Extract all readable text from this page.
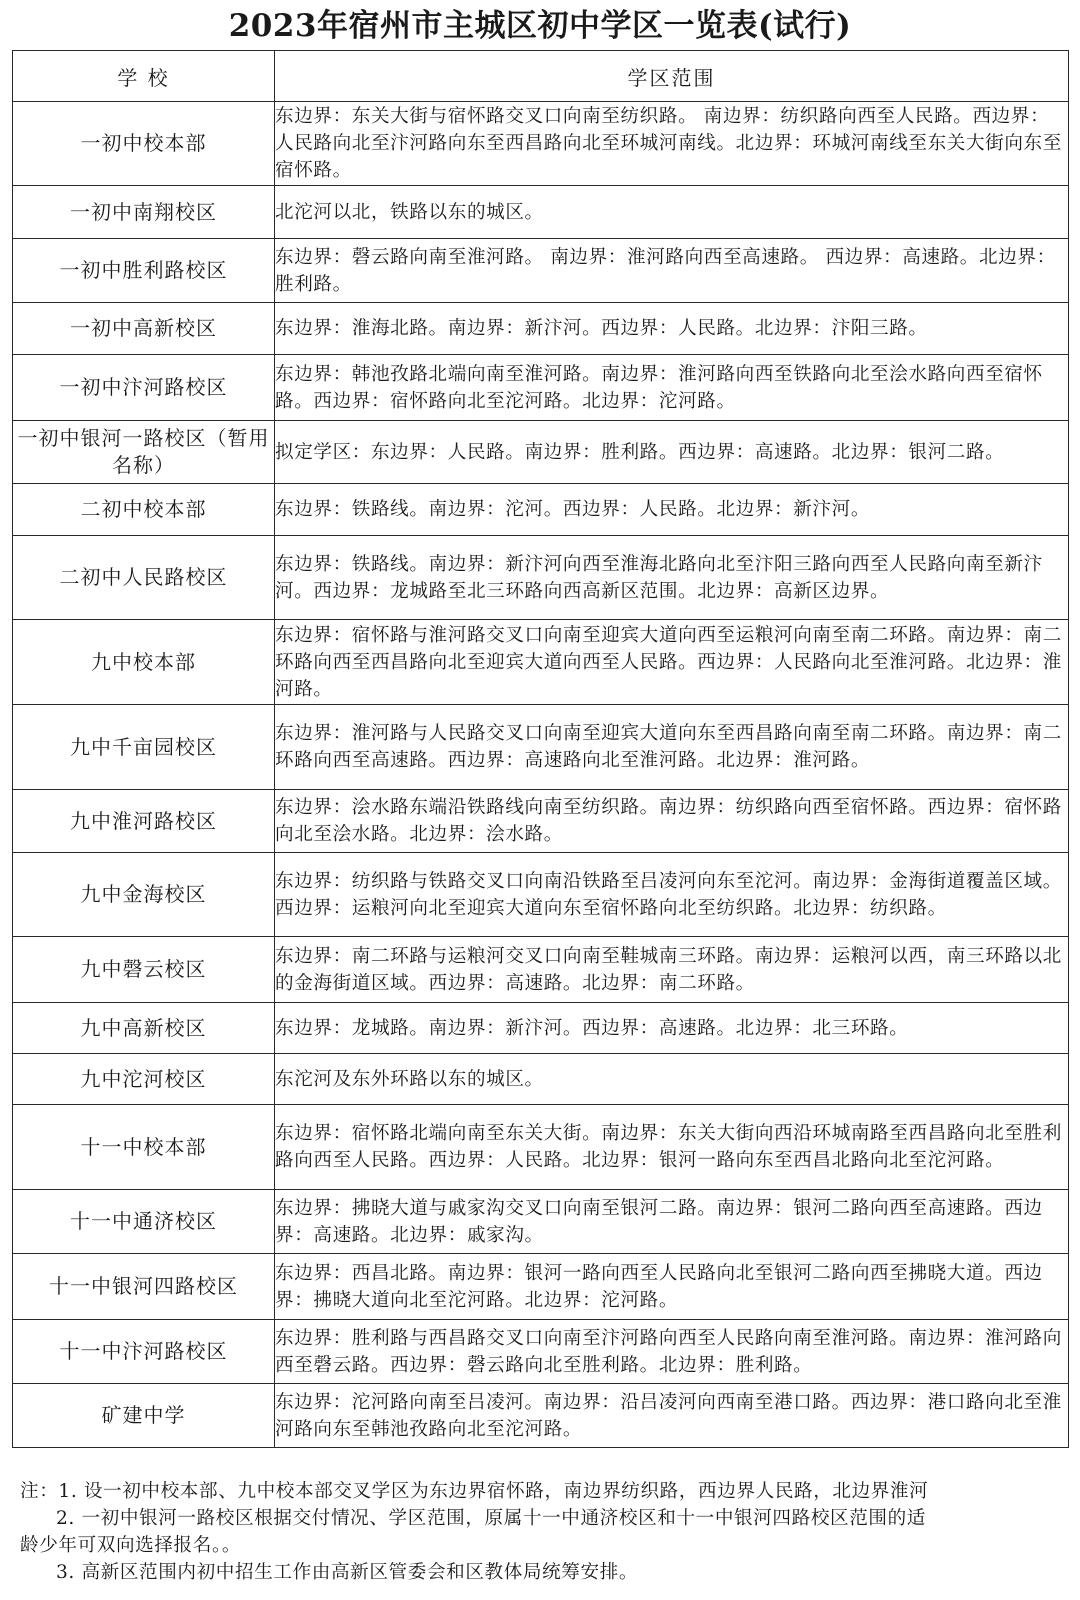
2023年宿州市主城区初中学区一览表(试行)
学 校	学区范围
一初中校本部	东边界：东关大街与宿怀路交叉口向南至纺织路。 南边界：纺织路向西至人民路。西边界：人民路向北至汴河路向东至西昌路向北至环城河南线。北边界：环城河南线至东关大街向东至宿怀路。
一初中南翔校区	北沱河以北，铁路以东的城区。
一初中胜利路校区	东边界：磬云路向南至淮河路。 南边界：淮河路向西至高速路。 西边界：高速路。北边界：胜利路。
一初中高新校区	东边界：淮海北路。南边界：新汴河。西边界：人民路。北边界：汴阳三路。
一初中汴河路校区	东边界：韩池孜路北端向南至淮河路。南边界：淮河路向西至铁路向北至浍水路向西至宿怀路。西边界：宿怀路向北至沱河路。北边界：沱河路。
一初中银河一路校区（暂用名称）	拟定学区：东边界：人民路。南边界：胜利路。西边界：高速路。北边界：银河二路。
二初中校本部	东边界：铁路线。南边界：沱河。西边界：人民路。北边界：新汴河。
二初中人民路校区	东边界：铁路线。南边界：新汴河向西至淮海北路向北至汴阳三路向西至人民路向南至新汴河。西边界：龙城路至北三环路向西高新区范围。北边界：高新区边界。
九中校本部	东边界：宿怀路与淮河路交叉口向南至迎宾大道向西至运粮河向南至南二环路。南边界：南二环路向西至西昌路向北至迎宾大道向西至人民路。西边界：人民路向北至淮河路。北边界：淮河路。
九中千亩园校区	东边界：淮河路与人民路交叉口向南至迎宾大道向东至西昌路向南至南二环路。南边界：南二环路向西至高速路。西边界：高速路向北至淮河路。北边界：淮河路。
九中淮河路校区	东边界：浍水路东端沿铁路线向南至纺织路。南边界：纺织路向西至宿怀路。西边界：宿怀路向北至浍水路。北边界：浍水路。
九中金海校区	东边界：纺织路与铁路交叉口向南沿铁路至吕凌河向东至沱河。南边界：金海街道覆盖区域。西边界：运粮河向北至迎宾大道向东至宿怀路向北至纺织路。北边界：纺织路。
九中磬云校区	东边界：南二环路与运粮河交叉口向南至鞋城南三环路。南边界：运粮河以西，南三环路以北的金海街道区域。西边界：高速路。北边界：南二环路。
九中高新校区	东边界：龙城路。南边界：新汴河。西边界：高速路。北边界：北三环路。
九中沱河校区	东沱河及东外环路以东的城区。
十一中校本部	东边界：宿怀路北端向南至东关大街。南边界：东关大街向西沿环城南路至西昌路向北至胜利路向西至人民路。西边界：人民路。北边界：银河一路向东至西昌北路向北至沱河路。
十一中通济校区	东边界：拂晓大道与戚家沟交叉口向南至银河二路。南边界：银河二路向西至高速路。西边界：高速路。北边界：戚家沟。
十一中银河四路校区	东边界：西昌北路。南边界：银河一路向西至人民路向北至银河二路向西至拂晓大道。西边界：拂晓大道向北至沱河路。北边界：沱河路。
十一中汴河路校区	东边界：胜利路与西昌路交叉口向南至汴河路向西至人民路向南至淮河路。南边界：淮河路向西至磬云路。西边界：磬云路向北至胜利路。北边界：胜利路。
矿建中学	东边界：沱河路向南至吕凌河。南边界：沿吕凌河向西南至港口路。西边界：港口路向北至淮河路向东至韩池孜路向北至沱河路。
注：1. 设一初中校本部、九中校本部交叉学区为东边界宿怀路，南边界纺织路，西边界人民路，北边界淮河
2. 一初中银河一路校区根据交付情况、学区范围，原属十一中通济校区和十一中银河四路校区范围的适
龄少年可双向选择报名。。
3. 高新区范围内初中招生工作由高新区管委会和区教体局统筹安排。
